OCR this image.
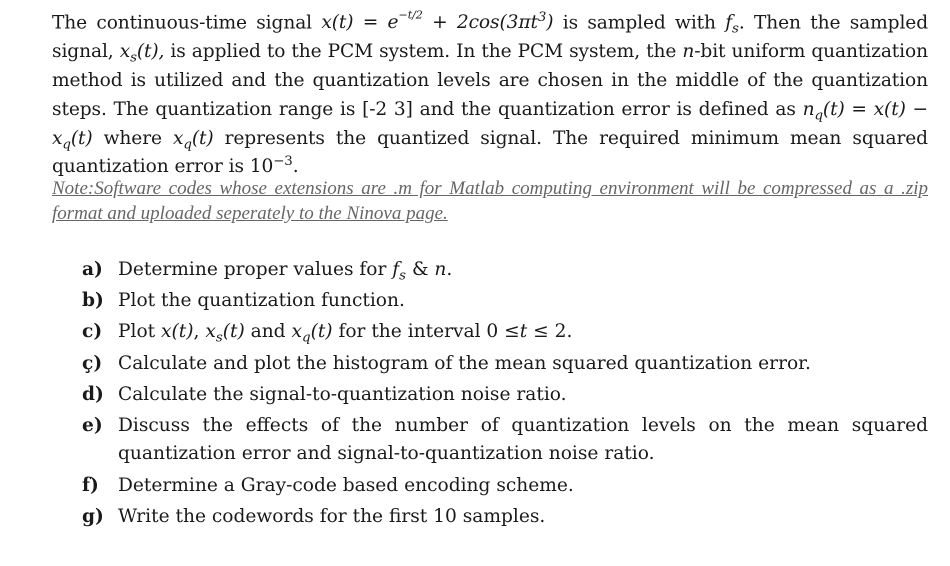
The continuous-time signal $x(t) = e^{-t/2} + 2\cos(3\pi t^3)$ is sampled with $f_s$. Then the sampled signal, $x_s(t)$, is applied to the PCM system. In the PCM system, the n-bit uniform quantization method is utilized and the quantization levels are chosen in the middle of the quantization steps. The quantization range is [-2 3] and the quantization error is defined as $n_q(t) = x(t) - x_q(t)$ where $x_q(t)$ represents the quantized signal. The required minimum mean squared quantization error is $10^{-3}$.

Note:Software codes whose extensions are .m for Matlab computing environment will be compressed as a .zip format and uploaded seperately to the Ninova page.
a) Determine proper values for $f_s$ & n.
b) Plot the quantization function.
c) Plot x(t), $x_s(t)$ and $x_q(t)$ for the interval 0 ≤t ≤ 2.
ç) Calculate and plot the histogram of the mean squared quantization error.
d) Calculate the signal-to-quantization noise ratio.
e) Discuss the effects of the number of quantization levels on the mean squared quantization error and signal-to-quantization noise ratio.
f) Determine a Gray-code based encoding scheme.
g) Write the codewords for the first 10 samples.
